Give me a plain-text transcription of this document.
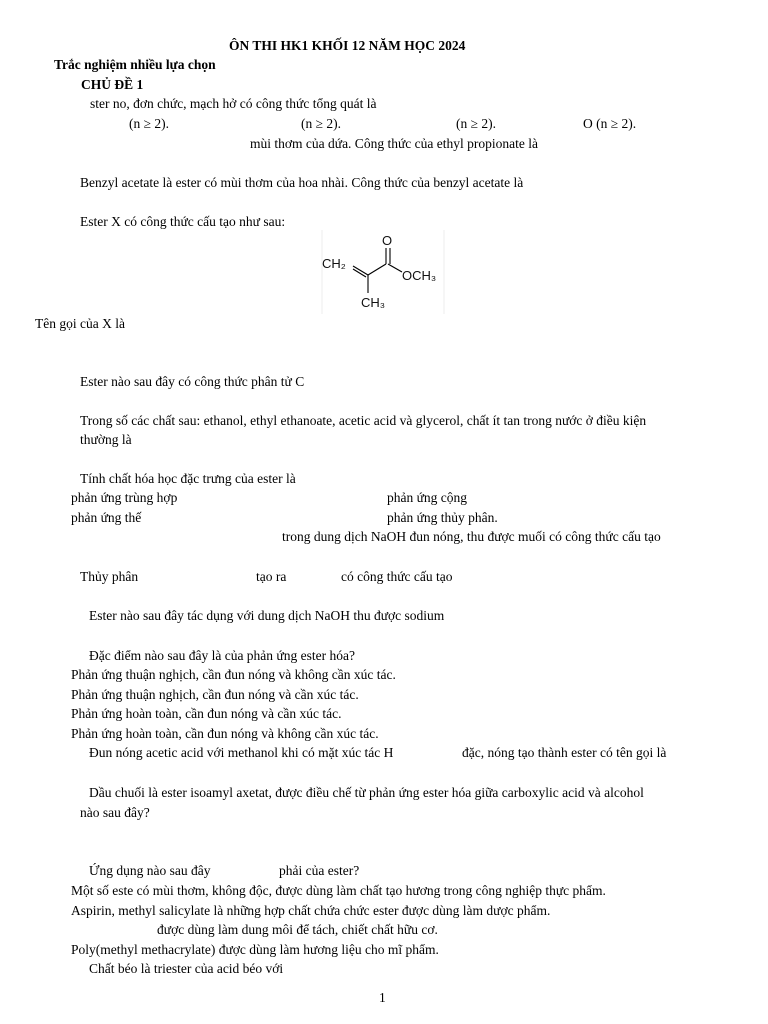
ÔN THI HK1 KHỐI 12 NĂM HỌC 2024
Trắc nghiệm nhiều lựa chọn
CHỦ ĐỀ 1
ster no, đơn chức, mạch hở có công thức tổng quát là
(n ≥ 2).	(n ≥ 2).	(n ≥ 2).	O (n ≥ 2).
mùi thơm của dứa. Công thức của ethyl propionate là
Benzyl acetate là ester có mùi thơm của hoa nhài. Công thức của benzyl acetate là
Ester X có công thức cấu tạo như sau:
O
CH₂
OCH₃
CH₃
Tên gọi của X là
Ester nào sau đây có công thức phân tử C
Trong số các chất sau: ethanol, ethyl ethanoate, acetic acid và glycerol, chất ít tan trong nước ở điều kiện
thường là
Tính chất hóa học đặc trưng của ester là
phản ứng trùng hợp	phản ứng cộng
phản ứng thế	phản ứng thủy phân.
trong dung dịch NaOH đun nóng, thu được muối có công thức cấu tạo
Thủy phân	tạo ra	có công thức cấu tạo
Ester nào sau đây tác dụng với dung dịch NaOH thu được sodium
Đặc điểm nào sau đây là của phản ứng ester hóa?
Phản ứng thuận nghịch, cần đun nóng và không cần xúc tác.
Phản ứng thuận nghịch, cần đun nóng và cần xúc tác.
Phản ứng hoàn toàn, cần đun nóng và cần xúc tác.
Phản ứng hoàn toàn, cần đun nóng và không cần xúc tác.
Đun nóng acetic acid với methanol khi có mặt xúc tác H	đặc, nóng tạo thành ester có tên gọi là
Dầu chuối là ester isoamyl axetat, được điều chế từ phản ứng ester hóa giữa carboxylic acid và alcohol
nào sau đây?
Ứng dụng nào sau đây	phải của ester?
Một số este có mùi thơm, không độc, được dùng làm chất tạo hương trong công nghiệp thực phẩm.
Aspirin, methyl salicylate là những hợp chất chứa chức ester được dùng làm dược phẩm.
được dùng làm dung môi để tách, chiết chất hữu cơ.
Poly(methyl methacrylate) được dùng làm hương liệu cho mĩ phẩm.
Chất béo là triester của acid béo với
1
